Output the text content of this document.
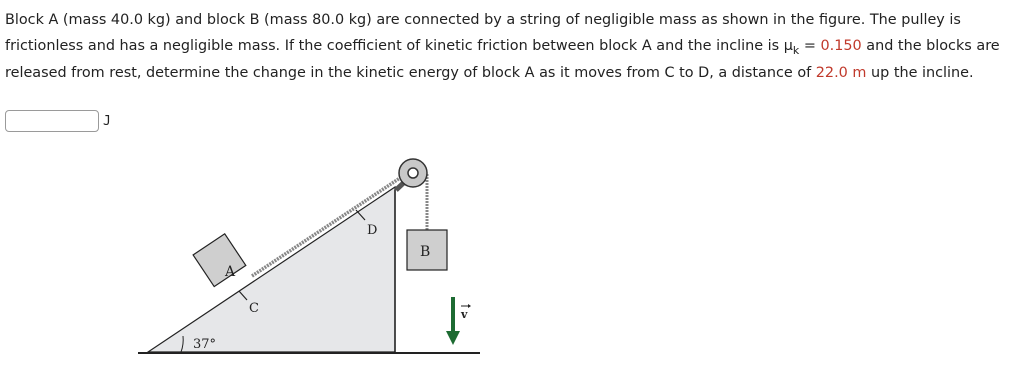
Block A (mass 40.0 kg) and block B (mass 80.0 kg) are connected by a string of negligible mass as shown in the figure. The pulley is frictionless and has a negligible mass. If the coefficient of kinetic friction between block A and the incline is $\mu_k = 0.150$ and the blocks are released from rest, determine the change in the kinetic energy of block A as it moves from C to D, a distance of 22.0 m up the incline.
J
37°
A
C
D
B
v
